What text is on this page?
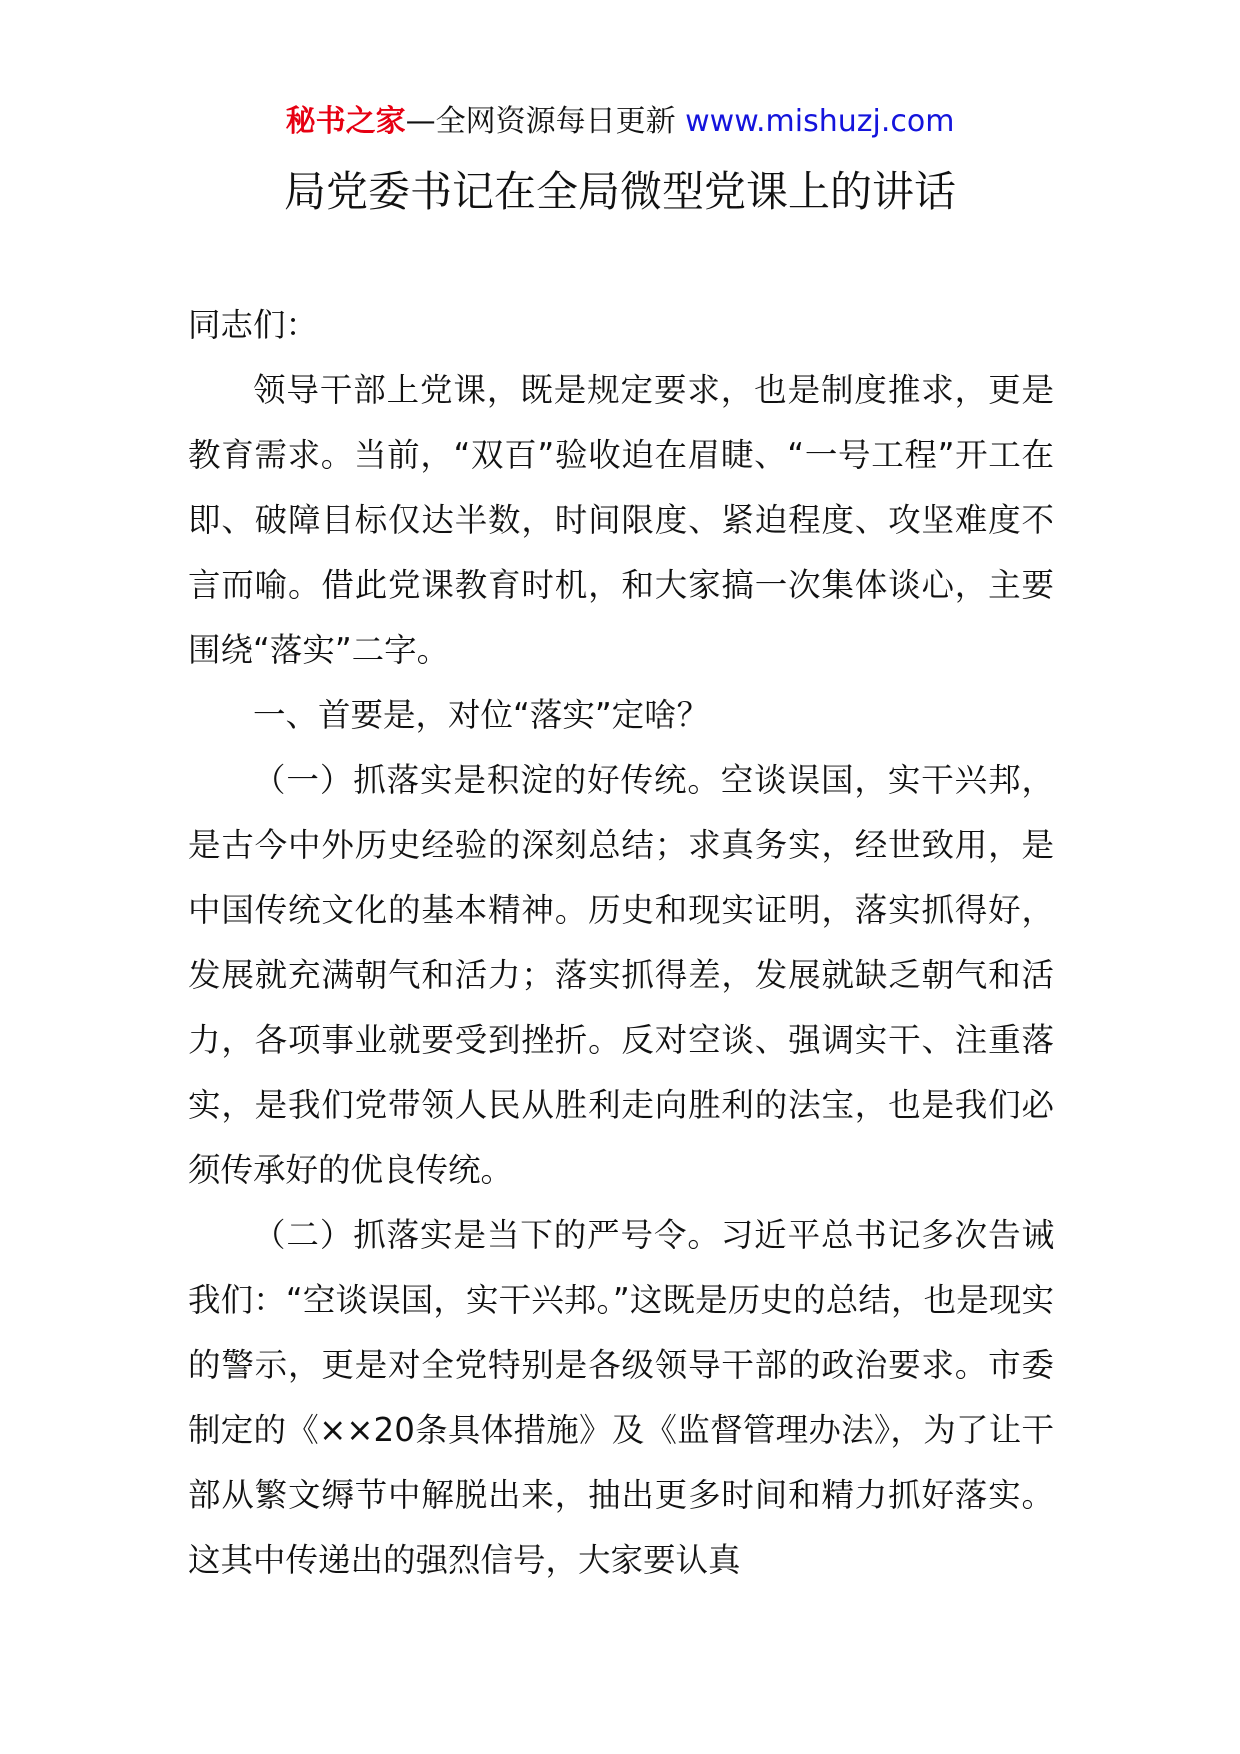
秘书之家—全网资源每日更新 www.mishuzj.com
局党委书记在全局微型党课上的讲话

同志们：

领导干部上党课，既是规定要求，也是制度推求，更是教育需求。当前，“双百”验收迫在眉睫、“一号工程”开工在即、破障目标仅达半数，时间限度、紧迫程度、攻坚难度不言而喻。借此党课教育时机，和大家搞一次集体谈心，主要围绕“落实”二字。

一、首要是，对位“落实”定啥？

（一）抓落实是积淀的好传统。空谈误国，实干兴邦，是古今中外历史经验的深刻总结；求真务实，经世致用，是中国传统文化的基本精神。历史和现实证明，落实抓得好，发展就充满朝气和活力；落实抓得差，发展就缺乏朝气和活力，各项事业就要受到挫折。反对空谈、强调实干、注重落实，是我们党带领人民从胜利走向胜利的法宝，也是我们必须传承好的优良传统。

（二）抓落实是当下的严号令。习近平总书记多次告诫我们：“空谈误国，实干兴邦。”这既是历史的总结，也是现实的警示，更是对全党特别是各级领导干部的政治要求。市委制定的《××20条具体措施》及《监督管理办法》，为了让干部从繁文缛节中解脱出来，抽出更多时间和精力抓好落实。这其中传递出的强烈信号，大家要认真
